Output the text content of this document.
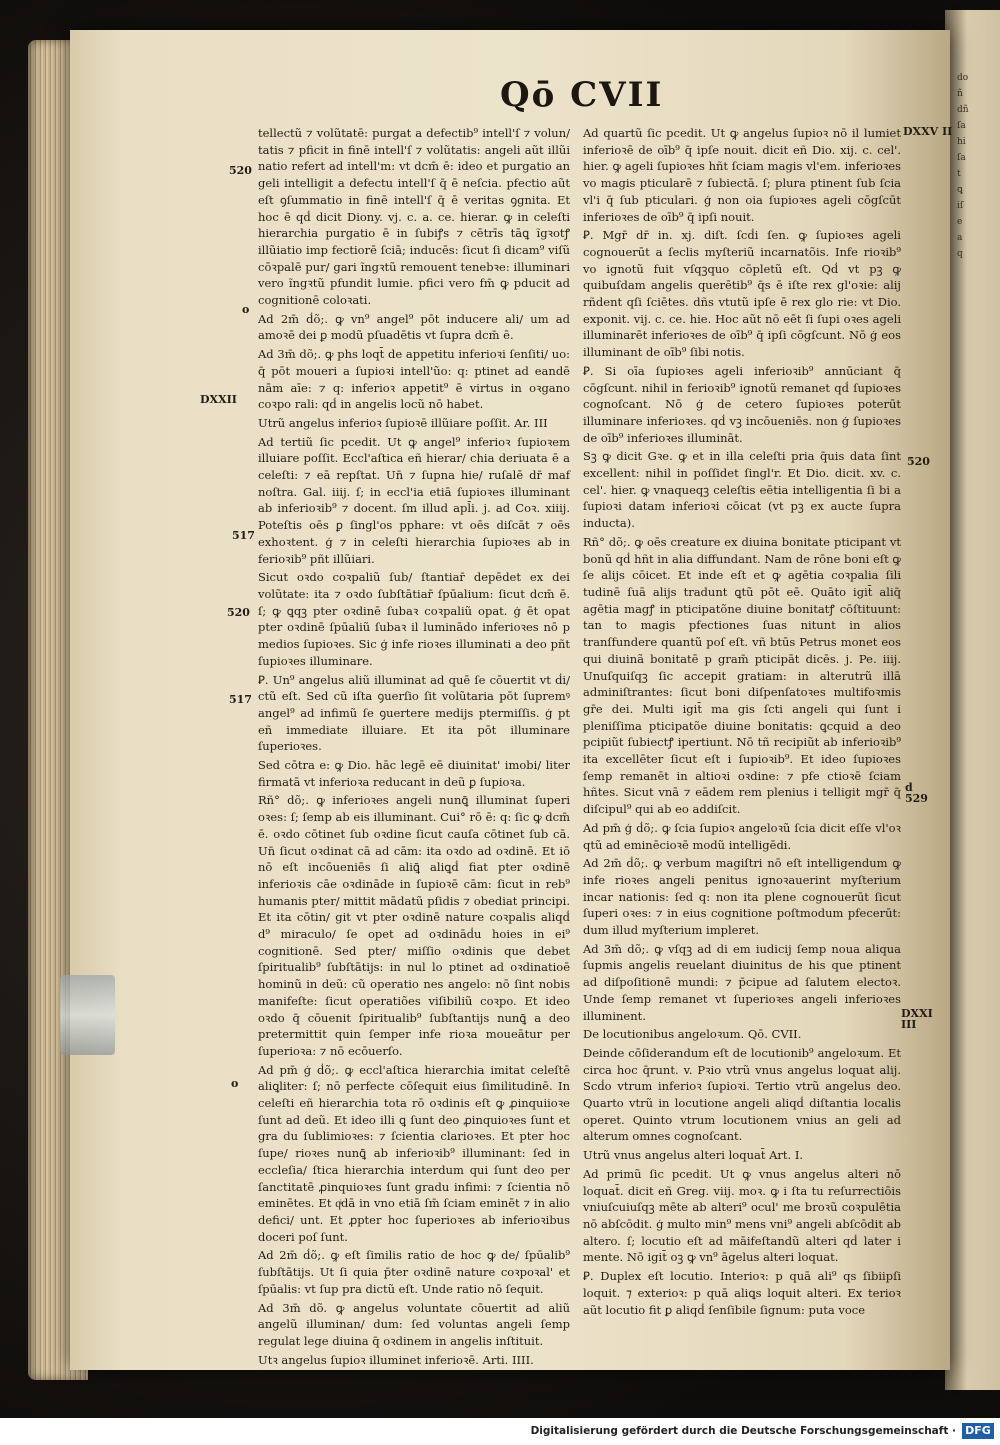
do
ñ
dñ
ſa
hi
ſa
t
ꝗ
iſ
e
a
q
Qō CVII
520
o
DXXII
517
520
517
o
DXXV II
520
d 529
DXXI III

tellectũ ⁊ volũtatē: purgat a defectib⁹ intell'ſ ⁊ volun/ tatis ⁊ pficit in finē intell'ſ ⁊ volũtatis: angeli aũt illũi natio refert ad intell'm: vt dcm̄ ē: ideo et purgatio an geli intelligit a defectu intell'ſ q̄ ē neſcia. pfectio aũt eſt ꝯſummatio in finē intell'ſ q̄ ē veritas ꝯgnita. Et hoc ē qḋ dicit Diony. vj. c. a. ce. hierar. ꝙ in celeſti hierarchia purgatio ē in ſubiꝭs ⁊ cētrīs tāꝗ ĩgꝛotꝭ illũiatio imp fectiorē ſciā; inducēs: ſicut ſi dicam⁹ viſũ cōꝛpalē pur/ gari ĩngꝛtũ remouent tenebꝛe: illuminari vero ĩngꝛtũ pfundit lumie. pfici vero fm̄ ꝙ pducit ad cognitionē coloꝛati.

Ad 2m̄ ḋõ;. ꝙ vn⁹ angel⁹ pōt inducere ali/ um ad amoꝛē dei ꝑ modũ pſuadētis vt ſupra dcm̄ ē.

Ad 3m̄ dõ;. ꝙ phs loqt̄ de appetitu inferioꝛi ſenſiti/ uo: q̄ pōt moueri a ſupioꝛi intell'ũo: q: ptinet ad eandē nām aīe: ⁊ q: inferioꝛ appetit⁹ ē virtus in oꝛgano coꝛpo rali: qḋ in angelis locũ nō habet.

Utrũ angelus inferioꝛ ſupioꝛē illũiare poſſit. Ar. III

Ad tertiũ ſic pcedit. Ut ꝙ angel⁹ inferioꝛ ſupioꝛem illuiare poſſit. Eccl'aſtica eñ hierar/ chia deriuata ē a celeſti: ⁊ eā repſtat. Un̄ ⁊ ſupna hie/ ruſalē dr̄ maf noſtra. Gal. iiij. ſ; in eccl'ia etiā ſupioꝛes illuminant ab inferioꝛib⁹ ⁊ docent. ſm illud apl̄i. j. ad Coꝛ. xiiij. Poteſtis oēs ꝑ ſingl'os pphare: vt oēs diſcāt ⁊ oēs exhoꝛtent. ģ ⁊ in celeſti hierarchia ſupioꝛes ab in ferioꝛib⁹ pñt illũiari.

Sicut oꝛdo coꝛpaliũ ſub/ ſtantiar̄ depēdet ex dei volũtate: ita ⁊ oꝛdo ſubſtātiar̄ ſpūalium: ſicut dcm̄ ē. ſ; ꝙ ꝗqꝫ pter oꝛdinē ſubaꝛ coꝛpaliũ opat. ģ ēt opat pter oꝛdinē ſpūaliũ ſubaꝛ il luminādo inferioꝛes nō p medios ſupioꝛes. Sic ģ infe rioꝛes illuminati a deo pñt ſupioꝛes illuminare.

Ꝑ. Un⁹ angelus aliũ illuminat ad quē ſe cōuertit vt ḋi/ ctũ eſt. Sed cũ iſta ꝯuerſio ſit volũtaria pōt ſupremꝰ angel⁹ ad infimũ ſe ꝯuertere medijs ptermiſſis. ģ pt eñ immediate illuiare. Et ita pōt illuminare ſuperioꝛes.

Sed cōtra e: ꝙ Dio. hāc legē eē diuinitat' imobi/ liter firmatā vt inferioꝛa reducant in deũ ꝑ ſupioꝛa.

Rñ° dõ;. ꝙ inferioꝛes angeli nunꝗ̄ illuminat ſuperi oꝛes: ſ; ſemp ab eis illuminant. Cui° rō ē: q: ſic ꝙ dcm̄ ē. oꝛdo cōtinet ſub oꝛdine ſicut cauſa cōtinet ſub cā. Un̄ ſicut oꝛdinat cā ad cām: ita oꝛdo ad oꝛdinē. Et iō nō eſt incōueniēs ſi aliꝗ̄ aliꝗḋ fiat pter oꝛdinē inferioꝛis cāe oꝛdināde in ſupioꝛē cām: ſicut in reb⁹ humanis pter/ mittit mādatũ pſidis ⁊ obediat principi. Et ita cōtin/ git vt pter oꝛdinē nature coꝛpalis aliqḋ d⁹ miraculo/ ſe opet ad oꝛdināḋu hoies in ei⁹ cognitionē. Sed pter/ miſſio oꝛdinis que debet ſpiritualib⁹ ſubſtātijs: in nul lo ptinet ad oꝛdinatioē hominũ in deũ: cũ operatio nes angelo: nō ſint nobis manifeſte: ſicut operatiões viſibiliũ coꝛpo. Et ideo oꝛdo q̄ cōuenit ſpiritualib⁹ ſubſtantijs nunꝗ̄ a deo pretermittit quin ſemper infe rioꝛa moueātur per ſuperioꝛa: ⁊ nō ecōuerſo.

Ad pm̄ ģ ḋõ;. ꝙ eccl'aſtica hierarchia imitat celeſtē aliꝗliter: ſ; nō perfecte cōſequit eius ſimilitudinē. In celeſti eñ hierarchia tota rō oꝛdinis eſt ꝙ ꝓinquiioꝛe ſunt ad deũ. Et ideo illi ꝗ ſunt deo ꝓinquioꝛes ſunt et gra du ſublimioꝛes: ⁊ ſcientia clarioꝛes. Et pter hoc ſupe/ rioꝛes nunꝗ̄ ab inferioꝛib⁹ illuminant: ſed in eccleſia/ ſtica hierarchia interdum qui ſunt deo per ſanctitatē ꝓinquioꝛes ſunt gradu infimi: ⁊ ſcientia nō eminētes. Et qͥdā in vno etiā ſm̄ ſciam eminēt ⁊ in alio defici/ unt. Et ꝓpter hoc ſuperioꝛes ab inferioꝛibus doceri poſ ſunt.

Ad 2m̄ ḋõ;. ꝙ eſt ſimilis ratio de hoc ꝙ de/ ſpūalib⁹ ſubſtātijs. Ut ſi quia p̄ter oꝛdinē nature coꝛpoꝛal' et ſpūalis: vt ſup pra dictũ eſt. Unde ratio nō ſequit.

Ad 3m̄ dõ. ꝙ angelus voluntate cōuertit ad aliũ angelũ illuminan/ dum: ſed voluntas angeli ſemp regulat lege diuina q̄ oꝛdinem in angelis inſtituit.

Utꝛ angelus ſupioꝛ illuminet inferioꝛē. Arti. IIII.

Ad quartũ ſic pcedit. Ut ꝙ angelus ſupioꝛ nō il lumiet inferioꝛē de oīb⁹ q̄ ipſe nouit. dicit eñ Dio. xij. c. cel'. hier. ꝙ ageli ſupioꝛes hñt ſciam magis vl'em. inferioꝛes vo magis pticularē ⁊ ſubiectā. ſ; plura ptinent ſub ſcia vl'i q̄ ſub pticulari. ģ non oia ſupioꝛes ageli cōgſcūt inferioꝛes de oīb⁹ q̄ ipſi nouit.

Ꝑ. Mgr̄ dr̄ in. xj. diſt. ſcḋi ſen. ꝙ ſupioꝛes ageli cognouerūt a ſeclis myſteriũ incarnatõis. Infe rioꝛib⁹ vo ignotũ fuit vſqꝫquo cōpletũ eſt. Qḋ vt pꝫ ꝙ quibuſdam angelis querētib⁹ q̄s ē iſte rex gl'oꝛie: alij rñdent qſi ſciētes. dñs vtutũ ipſe ē rex glo rie: vt Dio. exponit. vij. c. ce. hie. Hoc aũt nō eēt ſi ſupi oꝛes ageli illuminarēt inferioꝛes de oīb⁹ q̄ ipſi cōgſcunt. Nō ģ eos illuminant de oīb⁹ ſibi notis.

Ꝑ. Si oīa ſupioꝛes ageli inferioꝛib⁹ annūciant q̄ cōgſcunt. nihil in ferioꝛib⁹ ignotũ remanet qḋ ſupioꝛes cognoſcant. Nō ģ de cetero ſupioꝛes poterūt illuminare inferioꝛes. qḋ vꝫ incōueniēs. non ģ ſupioꝛes de oīb⁹ inferioꝛes illumināt.

Sꝫ ꝙ dicit Gꝛe. ꝙ et in illa celeſti pria q̄uis data ſint excellent: nihil in poſſidet ſingl'r. Et Dio. dicit. xv. c. cel'. hier. ꝙ vnaqueqꝫ celeſtis eētia intelligentia ſi bi a ſupioꝛi datam inferioꝛi cōicat (vt pꝫ ex aucte ſupra inducta).

Rñ° dõ;. ꝙ oēs creature ex diuina bonitate pticipant vt bonũ qḋ hñt in alia diffundant. Nam de rōne boni eſt ꝙ ſe alijs cōicet. Et inde eſt et ꝙ agētia coꝛpalia ſili tudinē ſuā alijs tradunt ꝗtũ pōt eē. Quāto igit̄ aliq̄ agētia magꝭ in pticipatõne diuine bonitatꝭ cōſtituunt: tan to magis pfectiones ſuas nitunt in alios tranſfundere quantũ poſ eſt. vñ btūs Petrus monet eos qui diuinã bonitatē p gram̄ pticipāt dicēs. j. Pe. iiij. Unuſquiſqꝫ ſic accepit gratiam: in alterutrũ illā adminiſtrantes: ſicut boni diſpenſatoꝛes multifoꝛmis gr̄e dei. Multi igit̄ ma gis ſcti angeli qui ſunt i pleniſſima pticipatõe diuine bonitatis: ꝗcquid a deo pcipiũt ſubiectꝭ ipertiunt. Nō tñ recipiũt ab inferioꝛib⁹ ita excellēter ſicut eſt i ſupioꝛib⁹. Et ideo ſupioꝛes ſemp remanēt in altioꝛi oꝛdine: ⁊ pfe ctioꝛē ſciam hñtes. Sicut vnā ⁊ eādem rem plenius i telligit mgr̄ q̄ diſcipul⁹ qui ab eo addiſcit.

Ad pm̄ ģ ḋõ;. ꝙ ſcia ſupioꝛ angeloꝛũ ſcia dicit eſſe vl'oꝛ qtũ ad eminēcioꝛē modũ intelligēdi.

Ad 2m̄ ḋõ;. ꝙ verbum magiſtri nō eſt intelligendum ꝙ infe rioꝛes angeli penitus ignoꝛauerint myſterium incar nationis: ſed q: non ita plene cognouerūt ſicut ſuperi oꝛes: ⁊ in eius cognitione poſtmodum pfecerūt: dum illud myſterium impleret.

Ad 3m̄ dõ;. ꝙ vſqꝫ ad di em iudicij ſemp noua aliqua ſupmis angelis reuelant diuinitus de his que ptinent ad diſpoſitionē mundi: ⁊ p̄cipue ad ſalutem electoꝛ. Unde ſemp remanet vt ſuperioꝛes angeli inferioꝛes illuminent.

De locutionibus angeloꝛum. Qō. CVII.

Deinde cōſiderandum eſt de locutionib⁹ angeloꝛum. Et circa hoc q̄runt. v. Pꝛio vtrũ vnus angelus loquat alij. Scḋo vtrum inferioꝛ ſupioꝛi. Tertio vtrũ angelus deo. Quarto vtrũ in locutione angeli aliqḋ diſtantia localis operet. Quinto vtrum locutionem vnius an geli ad alterum omnes cognoſcant.

Utrũ vnus angelus alteri loquat̄ Art. I.

Ad primũ ſic pcedit. Ut ꝙ vnus angelus alteri nō loquat̄. dicit eñ Greg. viij. moꝛ. ꝙ i ſta tu reſurrectiōis vniuſcuiuſqꝫ mēte ab alteri⁹ ocul' me broꝛũ coꝛpulētia nō abſcōdit. ģ multo min⁹ mens vni⁹ angeli abſcōdit ab altero. ſ; locutio eſt ad māifeſtandũ alteri qḋ later i mente. Nō igit̄ oꝫ ꝙ vn⁹ āgelus alteri loquat.

Ꝑ. Duplex eſt locutio. Interioꝛ: p quā ali⁹ qs ſibiipſi loquit. ⁊ exterioꝛ: p quā aliꝗs loquit alteri. Ex terioꝛ aũt locutio fit ꝑ aliqḋ ſenſibile ſignum: puta voce

Digitalisierung gefördert durch die Deutsche Forschungsgemeinschaft · DFG
